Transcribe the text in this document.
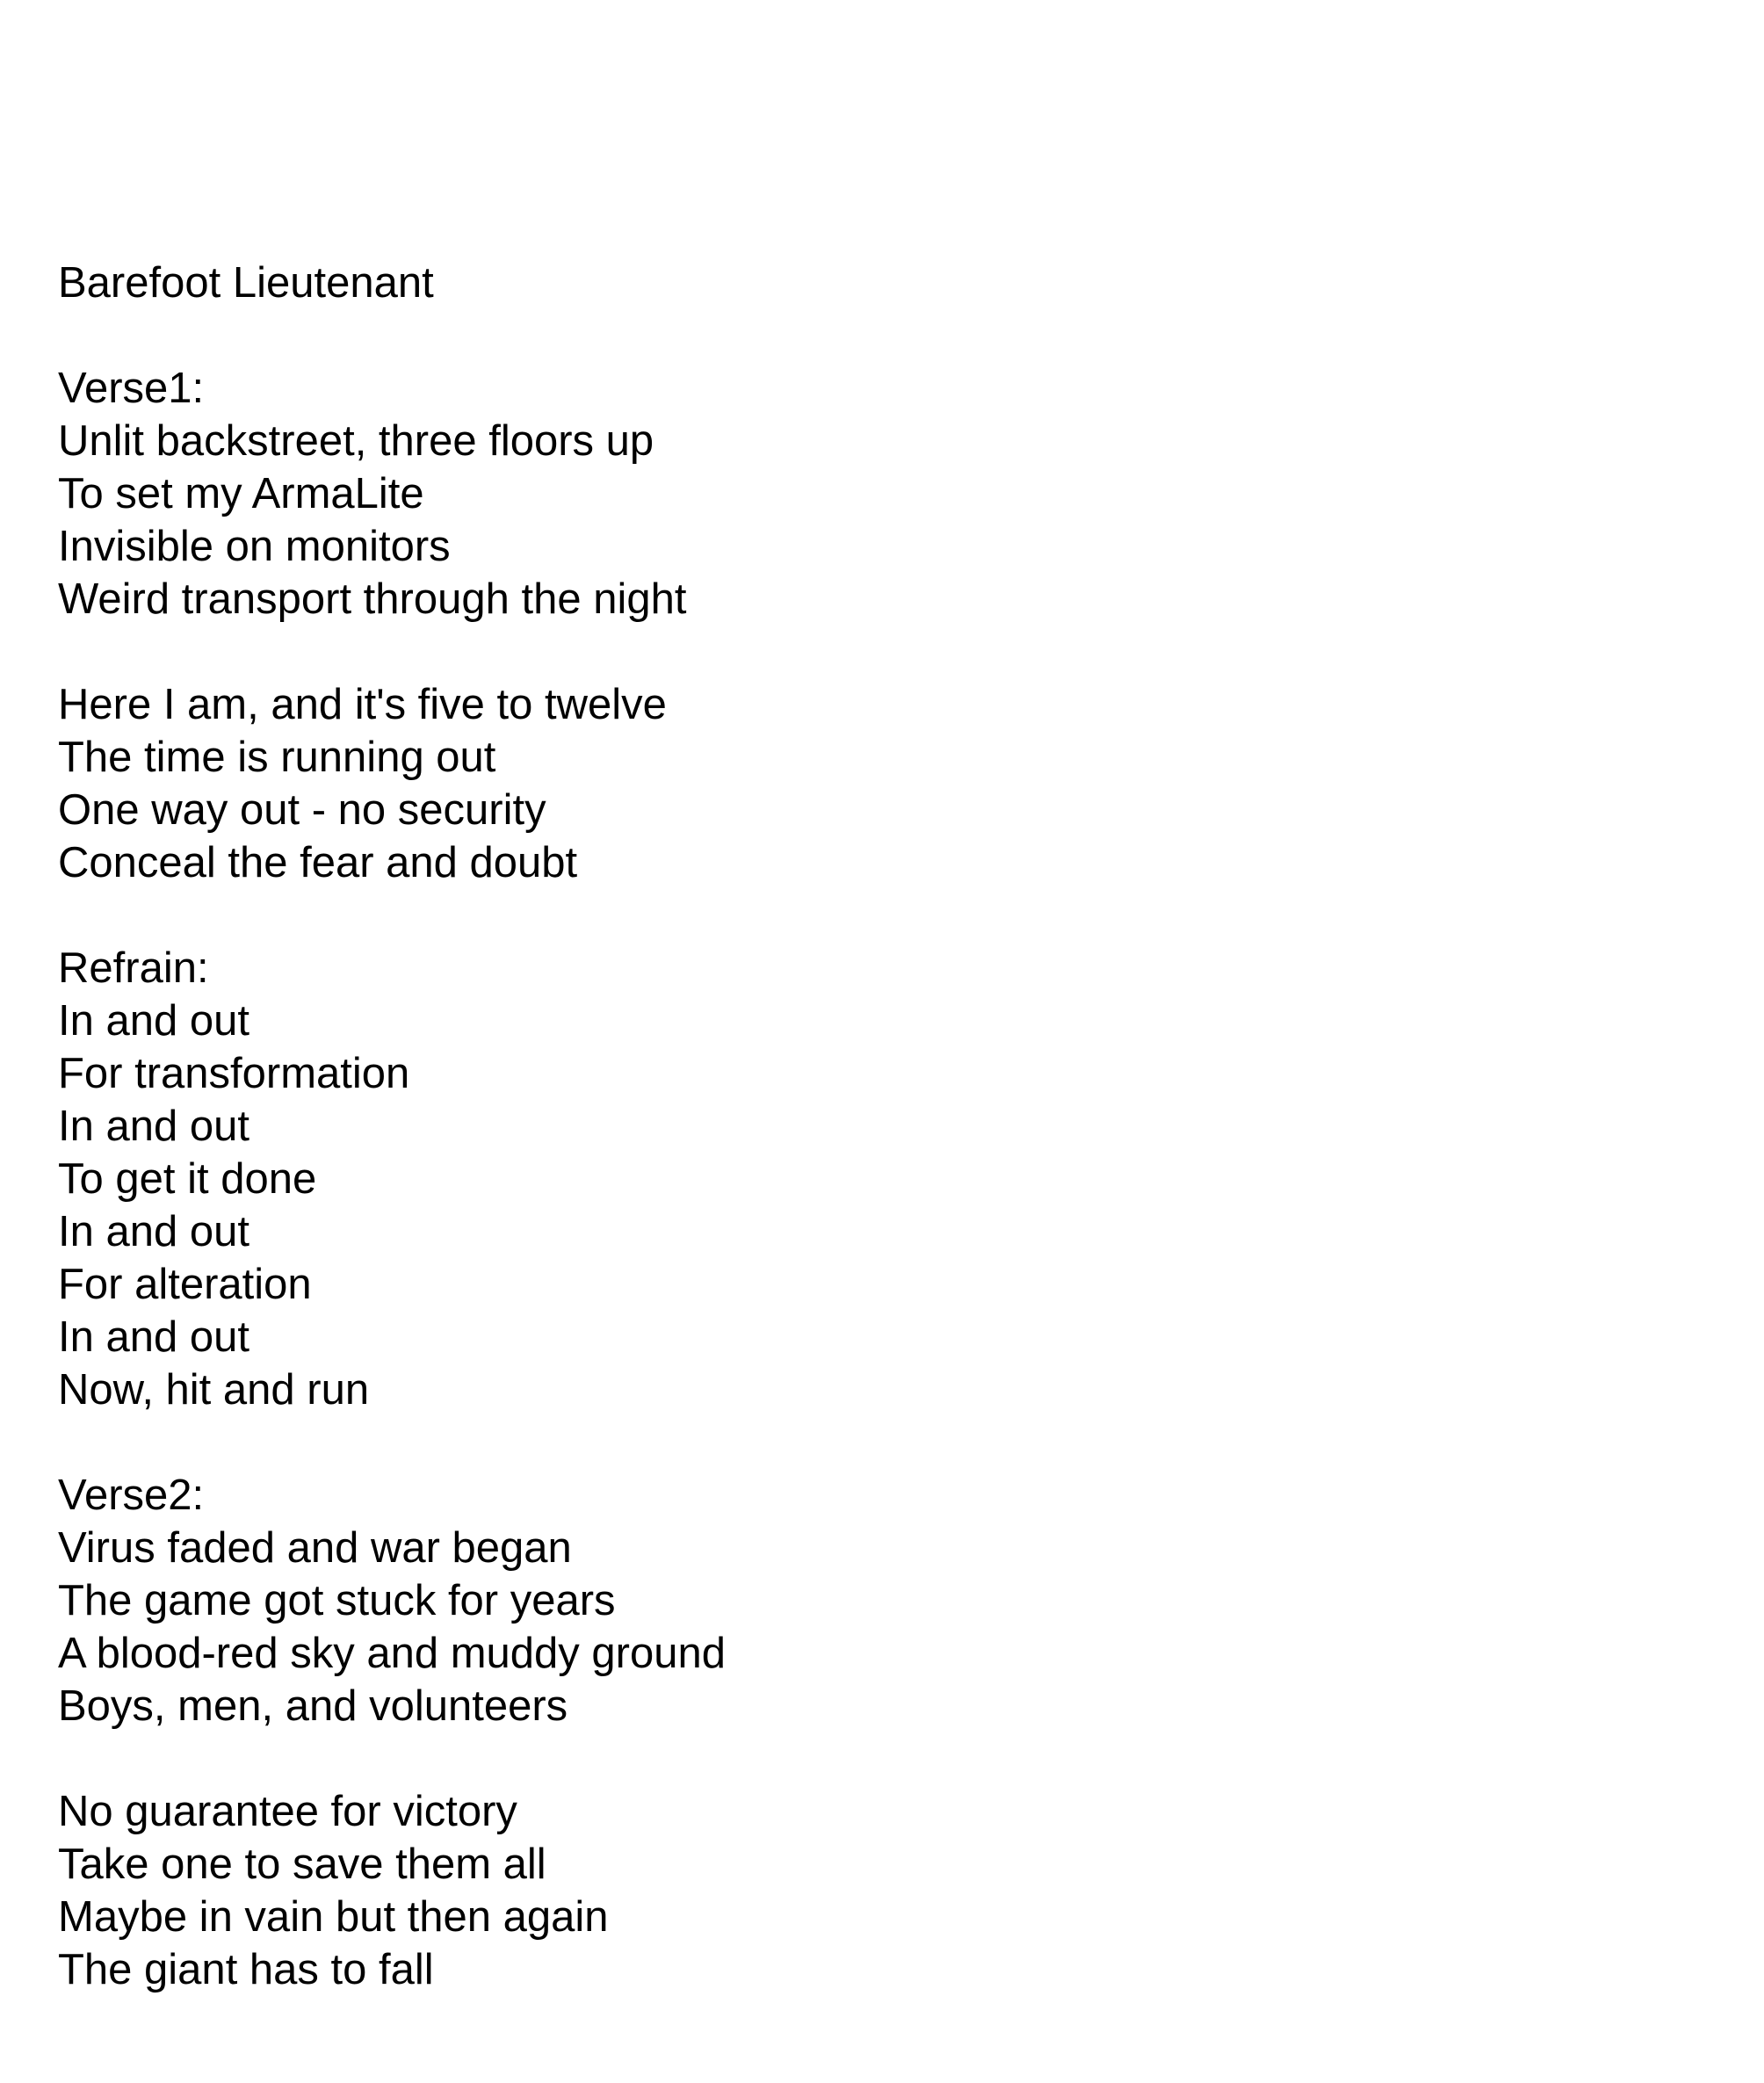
Barefoot Lieutenant
Verse1:
Unlit backstreet, three floors up
To set my ArmaLite
Invisible on monitors
Weird transport through the night
Here I am, and it's five to twelve
The time is running out
One way out - no security
Conceal the fear and doubt
Refrain:
In and out
For transformation
In and out
To get it done
In and out
For alteration
In and out
Now, hit and run
Verse2:
Virus faded and war began
The game got stuck for years
A blood-red sky and muddy ground
Boys, men, and volunteers
No guarantee for victory
Take one to save them all
Maybe in vain but then again
The giant has to fall
